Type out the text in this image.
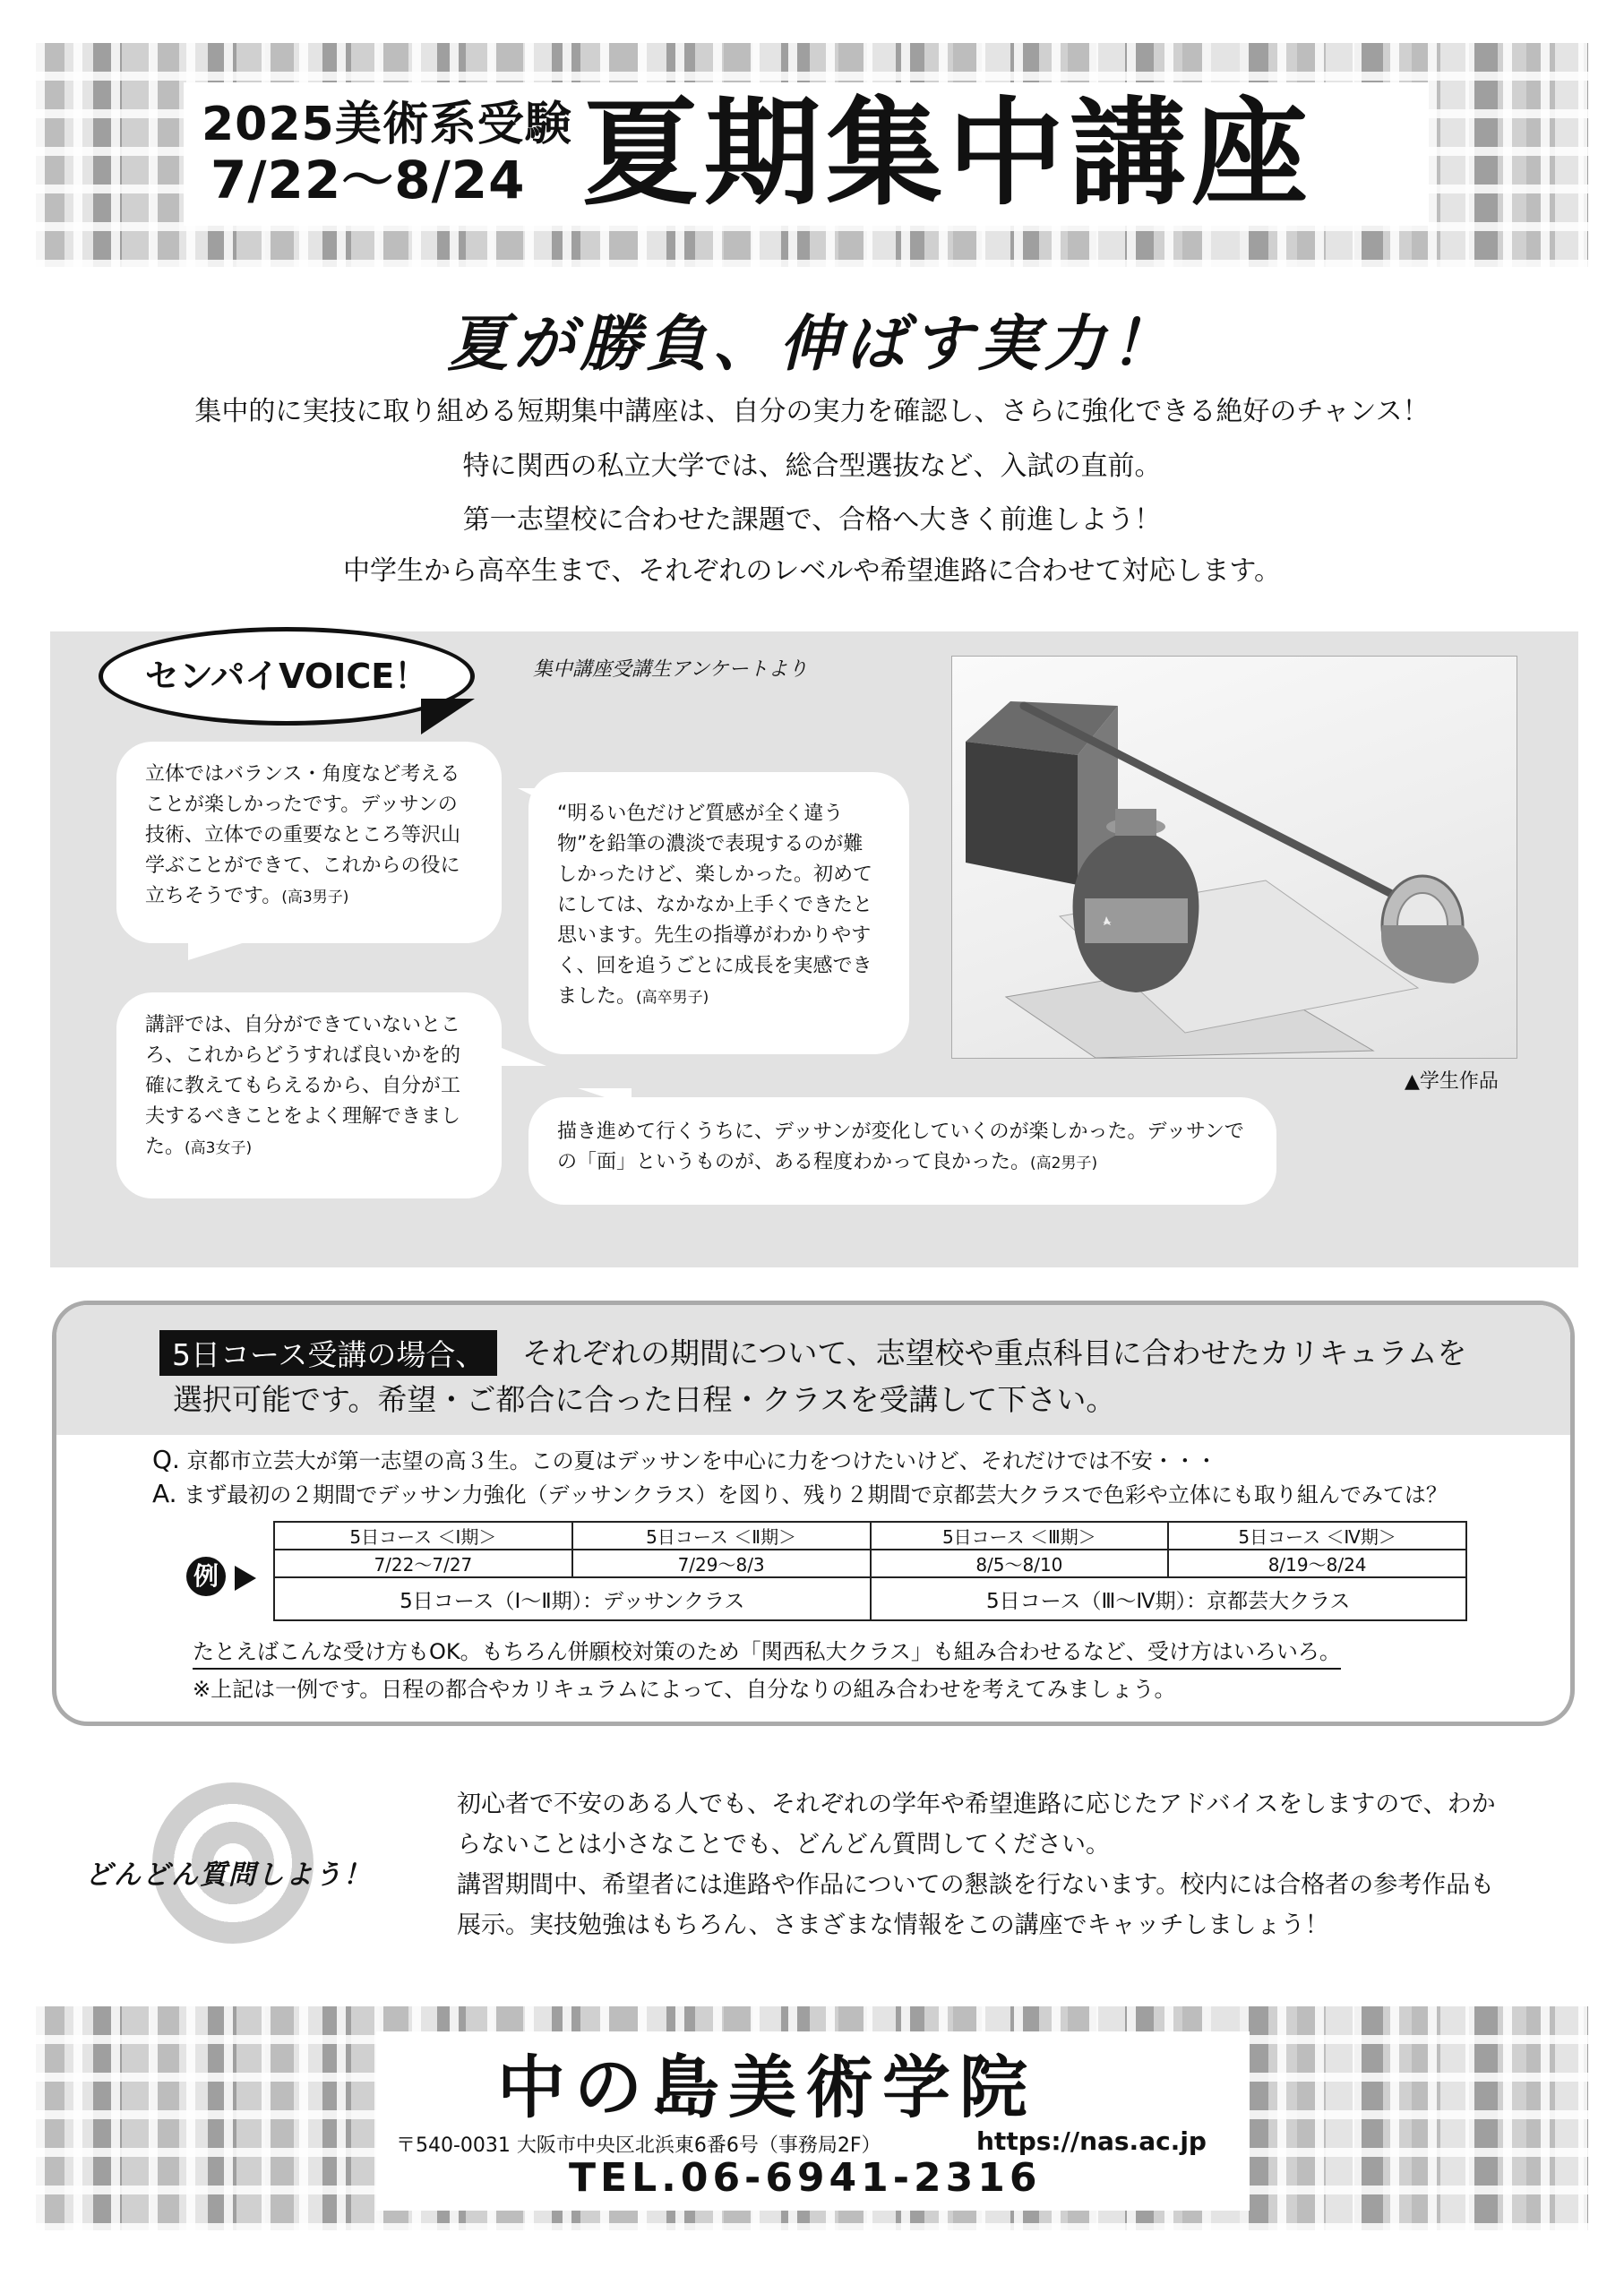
2025美術系受験
7/22～8/24 夏期集中講座
夏が勝負、伸ばす実力！
集中的に実技に取り組める短期集中講座は、自分の実力を確認し、さらに強化できる絶好のチャンス！
特に関西の私立大学では、総合型選抜など、入試の直前。
第一志望校に合わせた課題で、合格へ大きく前進しよう！
中学生から高卒生まで、それぞれのレベルや希望進路に合わせて対応します。
センパイVOICE！	集中講座受講生アンケートより
立体ではバランス・角度など考えることが楽しかったです。デッサンの技術、立体での重要なところ等沢山学ぶことができて、これからの役に立ちそうです。(高3男子)
講評では、自分ができていないところ、これからどうすれば良いかを的確に教えてもらえるから、自分が工夫するべきことをよく理解できました。(高3女子)
“明るい色だけど質感が全く違う物”を鉛筆の濃淡で表現するのが難しかったけど、楽しかった。初めてにしては、なかなか上手くできたと思います。先生の指導がわかりやすく、回を追うごとに成長を実感できました。(高卒男子)
描き進めて行くうちに、デッサンが変化していくのが楽しかった。デッサンでの「面」というものが、ある程度わかって良かった。(高2男子)
▲学生作品
5日コース受講の場合、	それぞれの期間について、志望校や重点科目に合わせたカリキュラムを
選択可能です。希望・ご都合に合った日程・クラスを受講して下さい。
Q. 京都市立芸大が第一志望の高３生。この夏はデッサンを中心に力をつけたいけど、それだけでは不安・・・
A. まず最初の２期間でデッサン力強化（デッサンクラス）を図り、残り２期間で京都芸大クラスで色彩や立体にも取り組んでみては？
例
5日コース ＜Ⅰ期＞	5日コース ＜Ⅱ期＞	5日コース ＜Ⅲ期＞	5日コース ＜Ⅳ期＞
7/22～7/27	7/29～8/3	8/5～8/10	8/19～8/24
5日コース（Ⅰ～Ⅱ期）：デッサンクラス		5日コース（Ⅲ～Ⅳ期）：京都芸大クラス	
たとえばこんな受け方もOK。もちろん併願校対策のため「関西私大クラス」も組み合わせるなど、受け方はいろいろ。
※上記は一例です。日程の都合やカリキュラムによって、自分なりの組み合わせを考えてみましょう。
どんどん質問しよう！
初心者で不安のある人でも、それぞれの学年や希望進路に応じたアドバイスをしますので、わか
らないことは小さなことでも、どんどん質問してください。
講習期間中、希望者には進路や作品についての懇談を行ないます。校内には合格者の参考作品も
展示。実技勉強はもちろん、さまざまな情報をこの講座でキャッチしましょう！
中の島美術学院
〒540-0031 大阪市中央区北浜東6番6号（事務局2F）	https://nas.ac.jp
TEL.06-6941-2316
